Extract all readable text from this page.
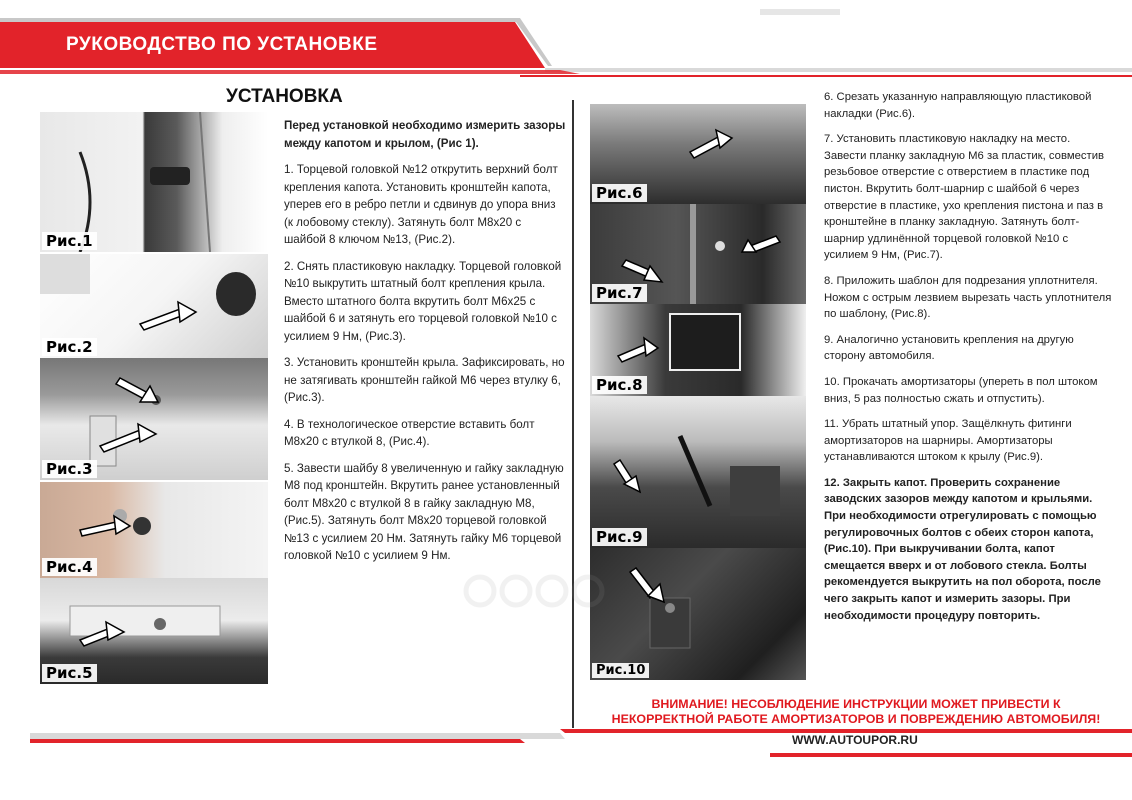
РУКОВОДСТВО ПО УСТАНОВКЕ
УСТАНОВКА
Рис.1
Рис.2
Рис.3
Рис.4
Рис.5

Перед установкой необходимо измерить зазоры между капотом и крылом, (Рис 1).

1. Торцевой головкой №12 открутить верхний болт крепления капота. Установить кронштейн капота, уперев его в ребро петли и сдвинув до упора вниз (к лобовому стеклу). Затянуть болт М8х20 с шайбой 8 ключом №13, (Рис.2).

2. Снять пластиковую накладку. Торцевой головкой №10 выкрутить штатный болт крепления крыла. Вместо штатного болта вкрутить болт М6х25 с шайбой 6 и затянуть его торцевой головкой №10 с усилием 9 Нм, (Рис.3).

3. Установить кронштейн крыла. Зафиксировать, но не затягивать кронштейн гайкой М6 через втулку 6, (Рис.3).

4. В технологическое отверстие вставить болт М8х20 с втулкой 8, (Рис.4).

5. Завести шайбу 8 увеличенную и гайку закладную М8 под кронштейн. Вкрутить ранее установленный болт М8х20 с втулкой 8 в гайку закладную М8, (Рис.5). Затянуть болт М8х20 торцевой головкой №13 с усилием 20 Нм. Затянуть гайку М6 торцевой головкой №10 с усилием 9 Нм.

Рис.6
Рис.7
Рис.8
Рис.9
Рис.10

6. Срезать указанную направляющую пластиковой накладки (Рис.6).

7. Установить пластиковую накладку на место. Завести планку закладную М6 за пластик, совместив резьбовое отверстие с отверстием в пластике под пистон. Вкрутить болт-шарнир с шайбой 6 через отверстие в пластике, ухо крепления пистона и паз в кронштейне в планку закладную. Затянуть болт-шарнир удлинённой торцевой головкой №10 с усилием 9 Нм, (Рис.7).

8. Приложить шаблон для подрезания уплотнителя. Ножом с острым лезвием вырезать часть уплотнителя по шаблону, (Рис.8).

9. Аналогично установить крепления на другую сторону автомобиля.

10. Прокачать амортизаторы (упереть в пол штоком вниз, 5 раз полностью сжать и отпустить).

11. Убрать штатный упор. Защёлкнуть фитинги амортизаторов на шарниры. Амортизаторы устанавливаются штоком к крылу (Рис.9).

12. Закрыть капот. Проверить сохранение заводских зазоров между капотом и крыльями. При необходимости отрегулировать с помощью регулировочных болтов с обеих сторон капота, (Рис.10). При выкручивании болта, капот смещается вверх и от лобового стекла. Болты рекомендуется выкрутить на пол оборота, после чего закрыть капот и измерить зазоры. При необходимости процедуру повторить.

ВНИМАНИЕ! НЕСОБЛЮДЕНИЕ ИНСТРУКЦИИ МОЖЕТ ПРИВЕСТИ К
НЕКОРРЕКТНОЙ РАБОТЕ АМОРТИЗАТОРОВ И ПОВРЕЖДЕНИЮ АВТОМОБИЛЯ!
WWW.AUTOUPOR.RU
